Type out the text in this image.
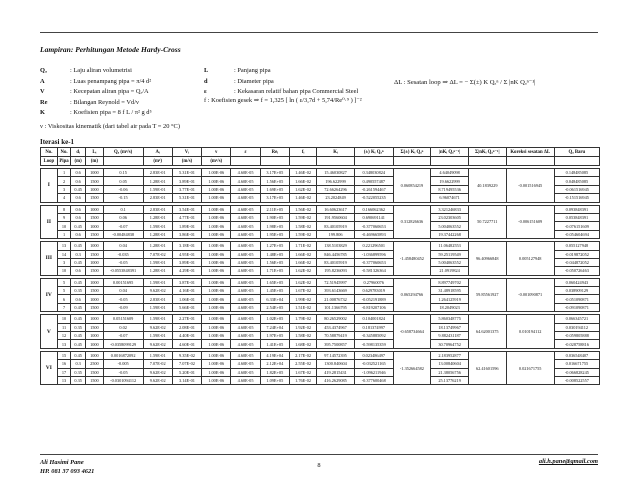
Lampiran: Perhitungan Metode Hardy-Cross
Qₐ	: Laju aliran volumetrisi
A	: Luas penampang pipa = π/4 d²
V	: Kecepatan aliran pipa = Qₐ/A
Re	: Bilangan Reynold = Vd/ν
K	: Koefisien pipa = 8 f L / π² g d⁵
ν : Viskositas kinematik (dari tabel air pada T = 20 °C)
L	: Panjang pipa
d	: Diameter pipa
ε	: Kekasaran relatif bahan pipa Commercial Steel
f : Koefisien gesek ⇒ f = 1,325 [ ln ( ε/3,7d + 5,74/Re⁰·⁹ ) ]⁻²
ΔL : Sesatan loop ⇒ ΔL = − Σ(±) K Qₐⁿ / Σ |nK Qₐⁿ⁻¹|
Iterasi ke-1
No.	No.	dᵢ	Lᵢ	Qₐ (m³/s)	Aᵢ	Vᵢ	ν	ε	Reᵢ	fᵢ	Kᵢ	(±) Kᵢ Qₐⁿ	Σ(±) Kᵢ Qₐⁿ	|nKᵢ Qₐⁿ⁻¹|	Σ|nKᵢ Qₐⁿ⁻¹|	Koreksi sesatan ΔL	Qₐ Baru
Loop	Pipa	(m)	(m)		(m²)	(m/s)	(m²/s)										

I	1	0.6	1000	0.15	2.83E-01	5.31E-01	1.00E-06	4.60E-05	3.17E+05	1.46E-02	15.46030827	0.348030824	0.060854219	4.64049098	40.1839229	-0.001516945	0.148485085
	2	0.6	1500	0.05	1.28E-01	3.89E-01	1.00E-06	4.60E-05	1.56E+05	1.66E-02	196.622999	0.490557487		19.6622999			0.048485085
	3	0.45	1000	-0.06	1.59E-01	3.77E-01	1.00E-06	4.60E-05	1.69E+05	1.62E-02	72.66264296	-0.261594467		8.719495536			-0.061516945
	4	0.6	1500	-0.15	2.83E-01	5.31E-01	1.00E-06	4.60E-05	3.17E+05	1.46E-02	23.2024849	-0.522055235		6.96074671			-0.151516945

II	8	0.6	1000	0.1	2.83E-01	3.54E-01	1.00E-06	4.60E-05	2.11E+05	1.56E-02	16.60623617	0.166062362	0.312826636	3.321246833	50.7227711	-0.006151609	0.093848391
	9	0.6	1500	0.06	1.28E-01	4.77E-01	1.00E-06	4.60E-05	1.90E+05	1.59E-02	191.9560604	0.690691141		23.02303605			0.053848391
	10	0.45	1000	-0.07	1.59E-01	1.89E-01	1.00E-06	4.60E-05	1.98E+05	1.58E-02	83.40105919	-0.377060653		5.004063552			-0.076151609
	1	0.6	1500	-0.00484838	1.28E-01	3.86E-01	1.00E-06	4.60E-05	1.95E+05	1.59E-02	199.806	-0.469665893		19.37442268			-0.054604694

III	13	0.45	1000	0.04	1.28E-01	3.18E-01	1.00E-06	4.60E-05	1.27E+05	1.71E-02	138.5103829	0.221296501	-1.458480452	11.06482553	96.40966848	0.005127948	0.055127948
	14	0.3	1500	-0.035	7.07E-02	4.95E-01	1.00E-06	4.60E-05	1.48E+05	1.66E-02	846.4456785	-1.036899596		59.25119549			-0.019872052
	3	0.45	1000	-0.05	1.59E-01	3.89E-01	1.00E-06	4.60E-05	1.56E+05	1.66E-02	83.40105919	-0.377060653		5.004063552			-0.044872052
	10	0.6	1500	-0.0553848391	1.28E-01	4.29E-01	1.00E-06	4.60E-05	1.71E+05	1.62E-02	195.8236093	-0.581326364		21.0919824			-0.050726463

IV	5	0.45	1000	0.00151695	1.59E-01	3.87E-01	1.00E-06	4.60E-05	1.65E+05	1.62E-02	72.51945997	0.27960076	0.065294766	8.897749702	59.85561927	-0.001090871	0.060424943
	5	0.35	1500	0.04	9.62E-02	4.16E-01	1.00E-06	4.60E-05	1.45E+05	1.67E-02	393.6143669	0.629783019		31.48918595			0.038909129
	6	0.6	1000	-0.05	2.83E-01	1.06E-01	1.00E-06	4.60E-05	6.33E+04	1.99E-02	21.00876732	-0.052191889		1.264125919			-0.051090871
	7	0.45	1500	-0.09	1.59E-01	5.66E-01	1.00E-06	4.60E-05	2.54E+05	1.51E-02	101.1366795	-0.819207106		18.2049023			-0.091090871

V	10	0.45	1000	0.05151609	1.59E-01	2.27E-01	1.00E-06	4.60E-05	1.02E+05	1.79E-02	80.26529002	0.104001824	-0.658734664	5.860348775	64.62001375	0.010194112	0.066345721
	11	0.35	1500	0.02	9.62E-02	2.08E-01	1.00E-06	4.60E-05	7.24E+04	1.92E-02	453.4374967	0.181374997		18.13749967			0.030194112
	12	0.45	1000	-0.07	1.59E-01	4.40E-01	1.00E-06	4.60E-05	1.97E+05	1.58E-02	70.58879419	-0.345885092		9.882431187			-0.059805888
	13	0.45	1000	-0.0358099129	9.62E-02	4.60E-01	1.00E-06	4.60E-05	1.41E+05	1.68E-02	395.7500857	-0.598135359		30.70964752			-0.028758816

VI	15	0.45	1000	0.0016872092	1.59E-01	9.35E-02	1.00E-06	4.60E-05	4.19E+04	2.17E-02	97.14572395	0.023486497	-1.352664582	2.183952877	62.41601596	0.021671755	0.036548407
	16	0.3	2500	-0.005	7.07E-02	7.07E-02	1.00E-06	4.60E-05	2.12E+04	2.55E-02	1300.840604	-0.032521165		13.00840604			0.016671755
	17	0.35	1500	-0.05	9.62E-02	5.20E-01	1.00E-06	4.60E-05	1.82E+05	1.67E-02	419.2815431	-1.096211946		21.38056756			-0.066828245
	13	0.35	1500	-0.0301094112	9.62E-02	3.14E-01	1.00E-06	4.60E-05	1.09E+05	1.76E-02	416.2629085	-0.377600468		25.13776219			-0.008522557
Ali Hasimi Pane
HP. 081 37 093 4621
8
ali.h.pane@gmail.com
